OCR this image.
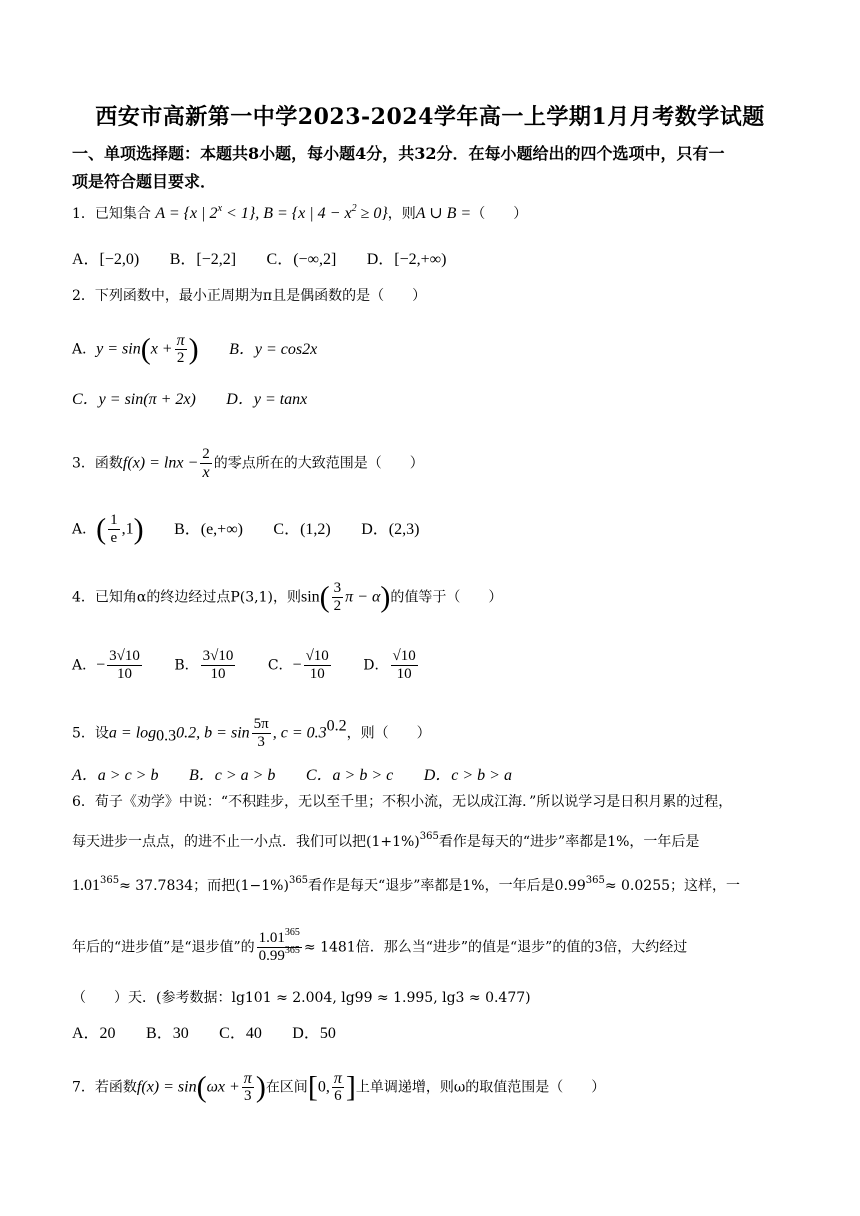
西安市高新第一中学2023-2024学年高一上学期1月月考数学试题
一、单项选择题：本题共8小题，每小题4分，共32分．在每小题给出的四个选项中，只有一
项是符合题目要求．
1．已知集合 A = {x | $2^x < 1$}, B = {x | $4 - x^2 \ge 0$}，则A ∪ B =（　　）
A．[−2,0) B．[−2,2] C．(−∞,2] D．[−2,+∞)
2．下列函数中，最小正周期为π且是偶函数的是（　　）
A．$y = \sin(x + \frac{\pi}{2}$ ) B．y = cos2x
C．y = sin(π + 2x) D．y = tanx
3．函数$f(x) = \ln x - \frac{2}{x}$ 的零点所在的大致范围是（　　）
A．( $\frac{1}{e} ,1$) B．(e,+∞) C．(1,2) D．(2,3)
4．已知角α的终边经过点P(3,1)，则$\sin( \frac{3}{2}$ π − α)的值等于（　　）
A．− $\frac{3√10}{10}$ B． $\frac{3√10}{10}$ C．− $\frac{√10}{10}$ D． $\frac{√10}{10}$
5．设$a = \log_{0.3}0.2$, $b = \sin \frac{5\pi}{3}$ , $c = 0.3^{0.2}$，则（　　）
A．a > c > b B．c > a > b C．a > b > c D．c > b > a
6．荀子《劝学》中说：“不积跬步，无以至千里；不积小流，无以成江海．”所以说学习是日积月累的过程，
每天进步一点点，的进不止一小点．我们可以把$(1+1\%)^{365}$看作是每天的“进步”率都是1%，一年后是
$1.01^{365}\approx 37.7834$；而把$(1-1\%)^{365}$看作是每天“退步”率都是1%，一年后是$0.99^{365}\approx 0.0255$；这样，一
年后的“进步值”是“退步值”的 $\frac{1.01^{365}}{0.99^{365}} \approx 1481$倍．那么当“进步”的值是“退步”的值的3倍，大约经过
（　　）天．(参考数据：lg101 ≈ 2.004, lg99 ≈ 1.995, lg3 ≈ 0.477)
A．20 B．30 C．40 D．50
7．若函数$f(x) = \sin(\omega x + \frac{\pi}{3}$ )在区间[0, $\frac{\pi}{6}$ ]上单调递增，则ω的取值范围是（　　）
